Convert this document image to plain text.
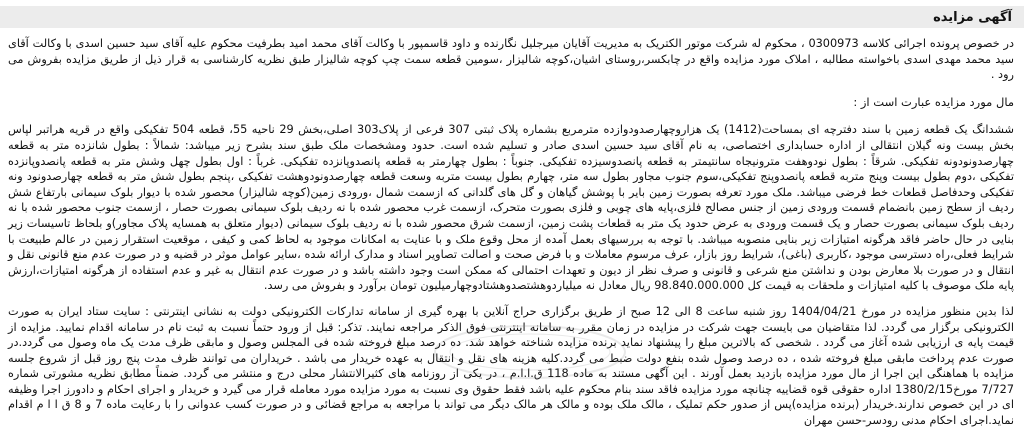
آگهی مزایده

در خصوص پرونده اجرائی کلاسه 0300973 ، محکوم له شرکت موتور الکتریک به مدیریت آقایان میرجلیل نگارنده و داود قاسمپور با وکالت آقای محمد امید بطرفیت محکوم علیه آقای سید حسین اسدی با وکالت آقای سید محمد مهدی اسدی باخواسته مطالبه ، املاک مورد مزایده واقع در چابکسر،روستای اشیان،کوچه شالیزار ،سومین قطعه سمت چپ کوچه شالیزار طبق نظریه کارشناسی به قرار ذیل از طریق مزایده بفروش می رود .

مال مورد مزایده عبارت است از :

ششدانگ یک قطعه زمین با سند دفترچه ای بمساحت(1412) یک هزاروچهارصدودوازده مترمربع بشماره پلاک ثبتی 307 فرعی از پلاک303 اصلی،بخش 29 ناحیه 55، قطعه 504 تفکیکی واقع در قریه هراتبر لپاس بخش بیست ونه گیلان انتقالی از اداره حسابداری اختصاصی، به نام آقای سید حسین اسدی صادر و تسلیم شده است. حدود ومشخصات ملک طبق سند بشرح زیر میباشد: شمالاً : بطول شانزده متر به قطعه چهارصدونودونه تفکیکی. شرقاً : بطول نودوهفت مترونیجاه سانتیمتر به قطعه پانصدوسیزده تفکیکی. جنوباً : بطول چهارمتر به قطعه پانصدوپانزده تفکیکی. غرباً : اول بطول چهل وشش متر به قطعه پانصدوپانزده تفکیکی ،دوم بطول بیست وپنج متربه قطعه پانصدوپنج تفکیکی،سوم جنوب مجاور بطول سه متر، چهارم بطول بیست متربه وسعت قطعه چهارصدونودوهشت تفکیکی ،پنجم بطول شش متر به قطعه چهارصدونود ونه تفکیکی وحدفاصل قطعات خط فرضی میباشد. ملک مورد تعرفه بصورت زمین بایر با پوشش گیاهان و گل های گلدانی که ازسمت شمال ،ورودی زمین(کوچه شالیزار) محصور شده با دیوار بلوک سیمانی بارتفاع شش ردیف از سطح زمین بانضمام قسمت ورودی زمین از جنس مصالح فلزی،پایه های چوبی و فلزی بصورت متحرک، ازسمت غرب محصور شده با نه ردیف بلوک سیمانی بصورت حصار ، ازسمت جنوب محصور شده با نه ردیف بلوک سیمانی بصورت حصار و یک قسمت ورودی به عرض حدود یک متر به قطعات پشت زمین، ازسمت شرق محصور شده با نه ردیف بلوک سیمانی (دیوار متعلق به همسایه پلاک مجاور)و بلحاظ تاسیسات زیر بنایی در حال حاضر فاقد هرگونه امتیازات زیر بنایی منصوبه میباشد. با توجه به بررسیهای بعمل آمده از محل وقوع ملک و با عنایت به امکانات موجود به لحاظ کمی و کیفی ، موقعیت استقرار زمین در عالم طبیعت با شرایط فعلی،راه دسترسی موجود ،کاربری (باغی)، شرایط روز بازار، عرف مرسوم معاملات و با فرض صحت و اصالت تصاویر اسناد و مدارک ارائه شده ،سایر عوامل موثر در قضیه و در صورت عدم منع قانونی نقل و انتقال و در صورت بلا معارض بودن و نداشتن منع شرعی و قانونی و صرف نظر از دیون و تعهدات احتمالی که ممکن است وجود داشته باشد و در صورت عدم انتقال به غیر و عدم استفاده از هرگونه امتیازات،ارزش پایه ملک موصوف با کلیه امتیازات و ملحقات به قیمت کل 98.840.000.000 ریال معادل نه میلیاردوهشتصدوهشتادوچهارمیلیون تومان برآورد و بفروش می رسد.

لذا بدین منظور مزایده در مورخ 1404/04/21 روز شنبه ساعت 8 الی 12 صبح از طریق برگزاری حراج آنلاین با بهره گیری از سامانه تدارکات الکترونیکی دولت به نشانی اینترنتی : سایت ستاد ایران به صورت الکترونیکی برگزار می گردد. لذا متقاضیان می بایست جهت شرکت در مزایده در زمان مقرر به سامانه اینترنتی فوق الذکر مراجعه نمایند. تذکر: قبل از ورود حتماً نسبت به ثبت نام در سامانه اقدام نمایید. مزایده از قیمت پایه ی ارزیابی شده آغاز می گردد . شخصی که بالاترین مبلغ را پیشنهاد نماید برنده مزایده شناخته خواهد شد. ده درصد مبلغ فروخته شده فی المجلس وصول و مابقی ظرف مدت یک ماه وصول می گردد.در صورت عدم پرداخت مابقی مبلغ فروخته شده ، ده درصد وصول شده بنفع دولت ضبط می گردد.کلیه هزینه های نقل و انتقال به عهده خریدار می باشد . خریداران می توانند ظرف مدت پنج روز قبل از شروع جلسه مزایده با هماهنگی این اجرا از مال مورد مزایده بازدید بعمل آورند . این آگهی مستند به ماده 118 ق.ا.ا.م ، در یکی از روزنامه های کثیرالانتشار محلی درج و منتشر می گردد. ضمناً مطابق نظریه مشورتی شماره 7/727 مورخ1380/2/15 اداره حقوقی قوه قضاییه چنانچه مورد مزایده فاقد سند بنام محکوم علیه باشد فقط حقوق وی نسبت به مورد مزایده مورد معامله قرار می گیرد و خریدار و اجرای احکام و دادورز اجرا وظیفه ای در این خصوص ندارند.خریدار (برنده مزایده)پس از صدور حکم تملیک ، مالک ملک بوده و مالک هر مالک دیگر می تواند با مراجعه به مراجع قضائی و در صورت کسب عدوانی را با رعایت ماده 7 و 8 ق ا ا م اقدام نماید.اجرای احکام مدنی رودسر-حسن مهران
